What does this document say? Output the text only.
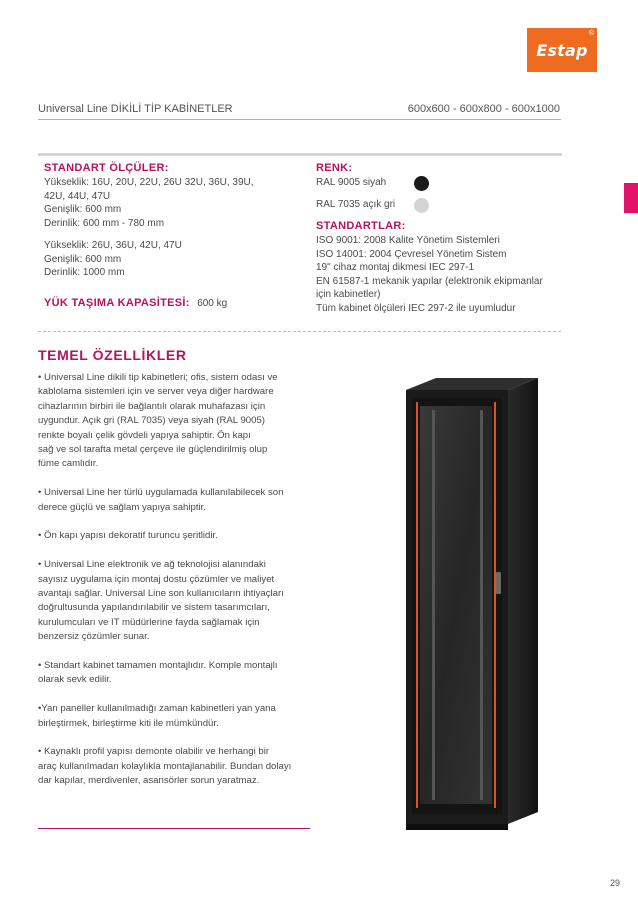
Estap
®
Universal Line DİKİLİ TİP KABİNETLER	600x600 - 600x800 - 600x1000
STANDART ÖLÇÜLER:
Yükseklik: 16U, 20U, 22U, 26U 32U, 36U, 39U,
42U, 44U, 47U
Genişlik: 600 mm
Derinlik: 600 mm - 780 mm
Yükseklik: 26U, 36U, 42U, 47U
Genişlik: 600 mm
Derinlik: 1000 mm
YÜK TAŞIMA KAPASİTESİ: 600 kg
RENK:
RAL 9005 siyah
RAL 7035 açık gri
STANDARTLAR:
ISO 9001: 2008 Kalite Yönetim Sistemleri
ISO 14001: 2004 Çevresel Yönetim Sistem
19" cihaz montaj dikmesi IEC 297-1
EN 61587-1 mekanik yapılar (elektronik ekipmanlar
için kabinetler)
Tüm kabinet ölçüleri IEC 297-2 ile uyumludur
TEMEL ÖZELLİKLER

• Universal Line dikili tip kabinetleri; ofis, sistem odası ve
kablolama sistemleri için ve server veya diğer hardware
cihazlarının birbiri ile bağlantılı olarak muhafazası için
uygundur. Açık gri (RAL 7035) veya siyah (RAL 9005)
renkte boyalı çelik gövdeli yapıya sahiptir. Ön kapı
sağ ve sol tarafta metal çerçeve ile güçlendirilmiş olup
füme camlıdır.

• Universal Line her türlü uygulamada kullanılabilecek son
derece güçlü ve sağlam yapıya sahiptir.

• Ön kapı yapısı dekoratif turuncu şeritlidir.

• Universal Line elektronik ve ağ teknolojisi alanındaki
sayısız uygulama için montaj dostu çözümler ve maliyet
avantajı sağlar. Universal Line son kullanıcıların ihtiyaçları
doğrultusunda yapılandırılabilir ve sistem tasarımcıları,
kurulumcuları ve IT müdürlerine fayda sağlamak için
benzersiz çözümler sunar.

• Standart kabinet tamamen montajlıdır. Komple montajlı
olarak sevk edilir.

•Yan paneller kullanılmadığı zaman kabinetleri yan yana
birleştirmek, birleştirme kiti ile mümkündür.

• Kaynaklı profil yapısı demonte olabilir ve herhangi bir
araç kullanılmadan kolaylıkla montajlanabilir. Bundan dolayı
dar kapılar, merdivenler, asansörler sorun yaratmaz.

29
